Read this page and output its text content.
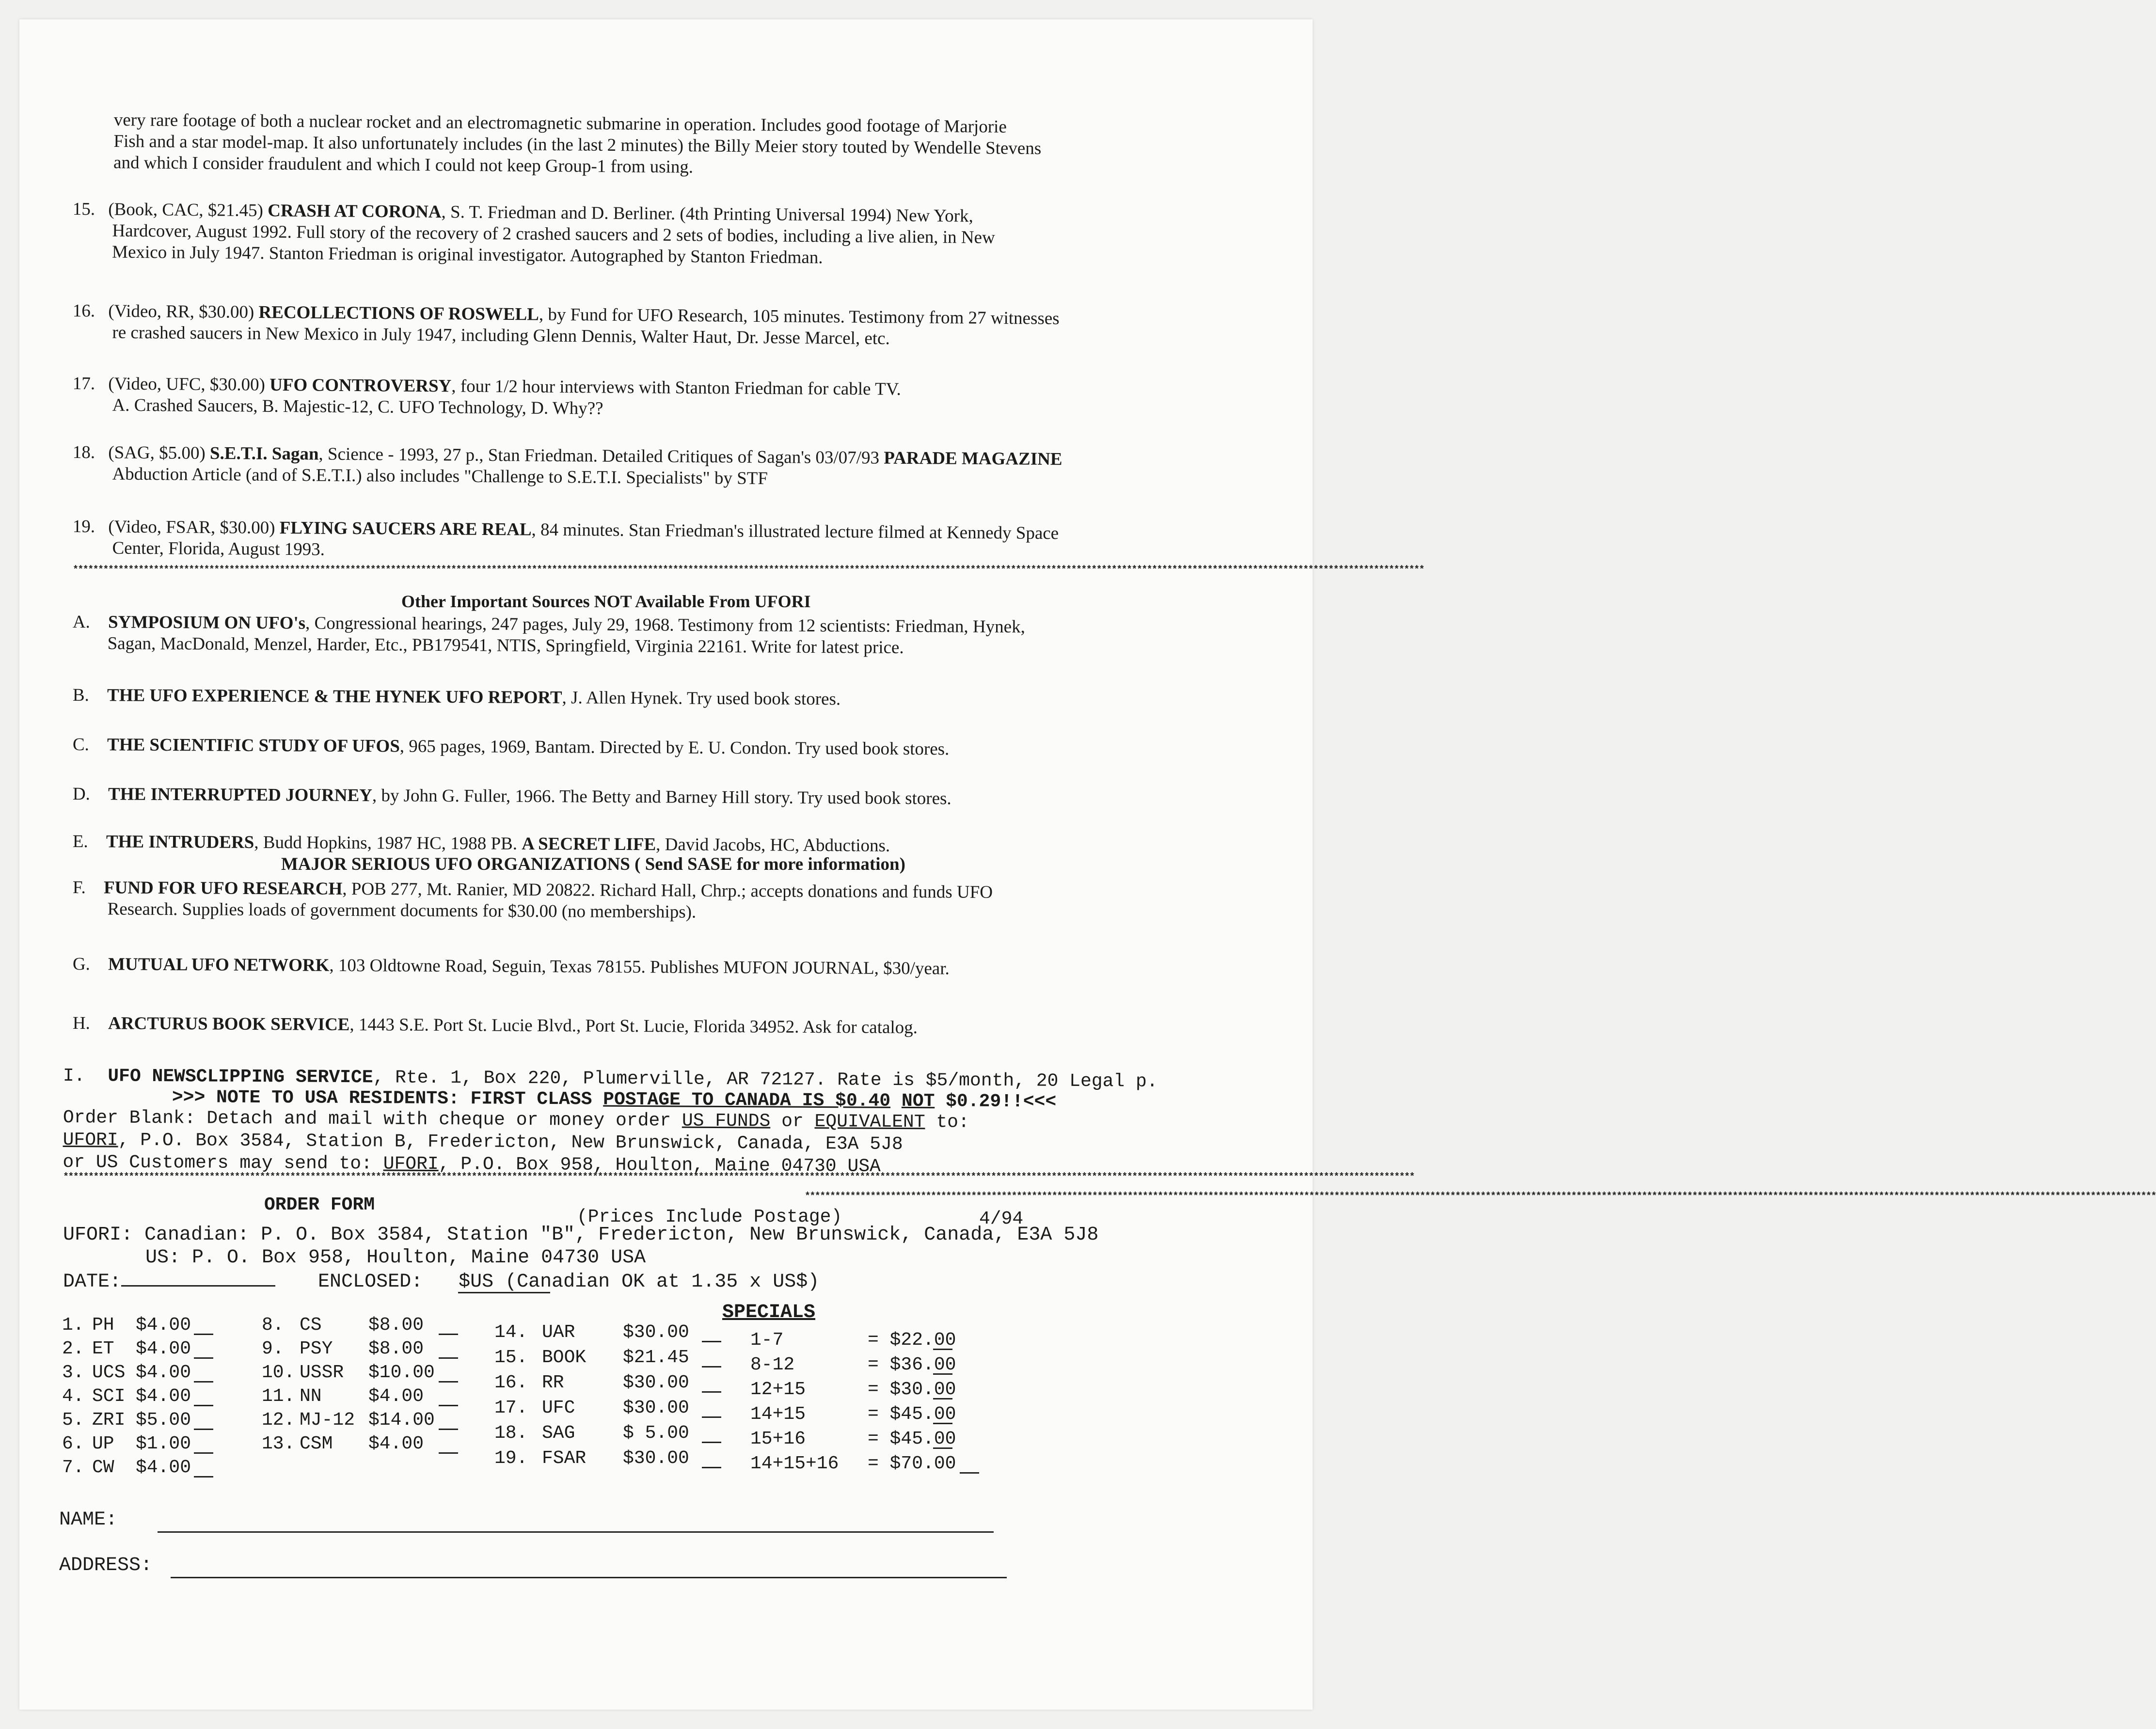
very rare footage of both a nuclear rocket and an electromagnetic submarine in operation. Includes good footage of Marjorie
Fish and a star model-map. It also unfortunately includes (in the last 2 minutes) the Billy Meier story touted by Wendelle Stevens
and which I consider fraudulent and which I could not keep Group-1 from using.
15. (Book, CAC, $21.45) CRASH AT CORONA, S. T. Friedman and D. Berliner. (4th Printing Universal 1994) New York,
Hardcover, August 1992. Full story of the recovery of 2 crashed saucers and 2 sets of bodies, including a live alien, in New
Mexico in July 1947. Stanton Friedman is original investigator. Autographed by Stanton Friedman.
16. (Video, RR, $30.00) RECOLLECTIONS OF ROSWELL, by Fund for UFO Research, 105 minutes. Testimony from 27 witnesses
re crashed saucers in New Mexico in July 1947, including Glenn Dennis, Walter Haut, Dr. Jesse Marcel, etc.
17. (Video, UFC, $30.00) UFO CONTROVERSY, four 1/2 hour interviews with Stanton Friedman for cable TV.
A. Crashed Saucers, B. Majestic-12, C. UFO Technology, D. Why??
18. (SAG, $5.00) S.E.T.I. Sagan, Science - 1993, 27 p., Stan Friedman. Detailed Critiques of Sagan's 03/07/93 PARADE MAGAZINE
Abduction Article (and of S.E.T.I.) also includes "Challenge to S.E.T.I. Specialists" by STF
19. (Video, FSAR, $30.00) FLYING SAUCERS ARE REAL, 84 minutes. Stan Friedman's illustrated lecture filmed at Kennedy Space
Center, Florida, August 1993.
****************************************************************************************************************************************************************************************************************************************************************************
Other Important Sources NOT Available From UFORI
A. SYMPOSIUM ON UFO's, Congressional hearings, 247 pages, July 29, 1968. Testimony from 12 scientists: Friedman, Hynek,
Sagan, MacDonald, Menzel, Harder, Etc., PB179541, NTIS, Springfield, Virginia 22161. Write for latest price.
B. THE UFO EXPERIENCE & THE HYNEK UFO REPORT, J. Allen Hynek. Try used book stores.
C. THE SCIENTIFIC STUDY OF UFOS, 965 pages, 1969, Bantam. Directed by E. U. Condon. Try used book stores.
D. THE INTERRUPTED JOURNEY, by John G. Fuller, 1966. The Betty and Barney Hill story. Try used book stores.
E. THE INTRUDERS, Budd Hopkins, 1987 HC, 1988 PB. A SECRET LIFE, David Jacobs, HC, Abductions.
MAJOR SERIOUS UFO ORGANIZATIONS ( Send SASE for more information)
F. FUND FOR UFO RESEARCH, POB 277, Mt. Ranier, MD 20822. Richard Hall, Chrp.; accepts donations and funds UFO
Research. Supplies loads of government documents for $30.00 (no memberships).
G. MUTUAL UFO NETWORK, 103 Oldtowne Road, Seguin, Texas 78155. Publishes MUFON JOURNAL, $30/year.
H. ARCTURUS BOOK SERVICE, 1443 S.E. Port St. Lucie Blvd., Port St. Lucie, Florida 34952. Ask for catalog.
I. UFO NEWSCLIPPING SERVICE, Rte. 1, Box 220, Plumerville, AR 72127. Rate is $5/month, 20 Legal p.
>>> NOTE TO USA RESIDENTS: FIRST CLASS POSTAGE TO CANADA IS $0.40 NOT $0.29!!<<<
Order Blank: Detach and mail with cheque or money order US FUNDS or EQUIVALENT to:
UFORI, P.O. Box 3584, Station B, Fredericton, New Brunswick, Canada, E3A 5J8
or US Customers may send to: UFORI, P.O. Box 958, Houlton, Maine 04730 USA
****************************************************************************************************************************************************************************************************************************************************************************
****************************************************************************************************************************************************************************************************************************************************************************
ORDER FORM
(Prices Include Postage)	4/94
UFORI: Canadian: P. O. Box 3584, Station "B", Fredericton, New Brunswick, Canada, E3A 5J8
US: P. O. Box 958, Houlton, Maine 04730 USA
DATE:	ENCLOSED: $US (Canadian OK at 1.35 x US$)
SPECIALS
1. PH $4.00
2. ET $4.00
3. UCS $4.00
4. SCI $4.00
5. ZRI $5.00
6. UP $1.00
7. CW $4.00
8. CS	$8.00
9. PSY $8.00
10. USSR $10.00
11. NN	$4.00
12. MJ-12 $14.00
13. CSM $4.00
14. UAR	$30.00
15. BOOK $21.45
16. RR	$30.00
17. UFC	$30.00
18. SAG	$ 5.00
19. FSAR $30.00
1-7	= $22.00
8-12	= $36.00
12+15	= $30.00
14+15	= $45.00
15+16	= $45.00
14+15+16 = $70.00
NAME:
ADDRESS:
